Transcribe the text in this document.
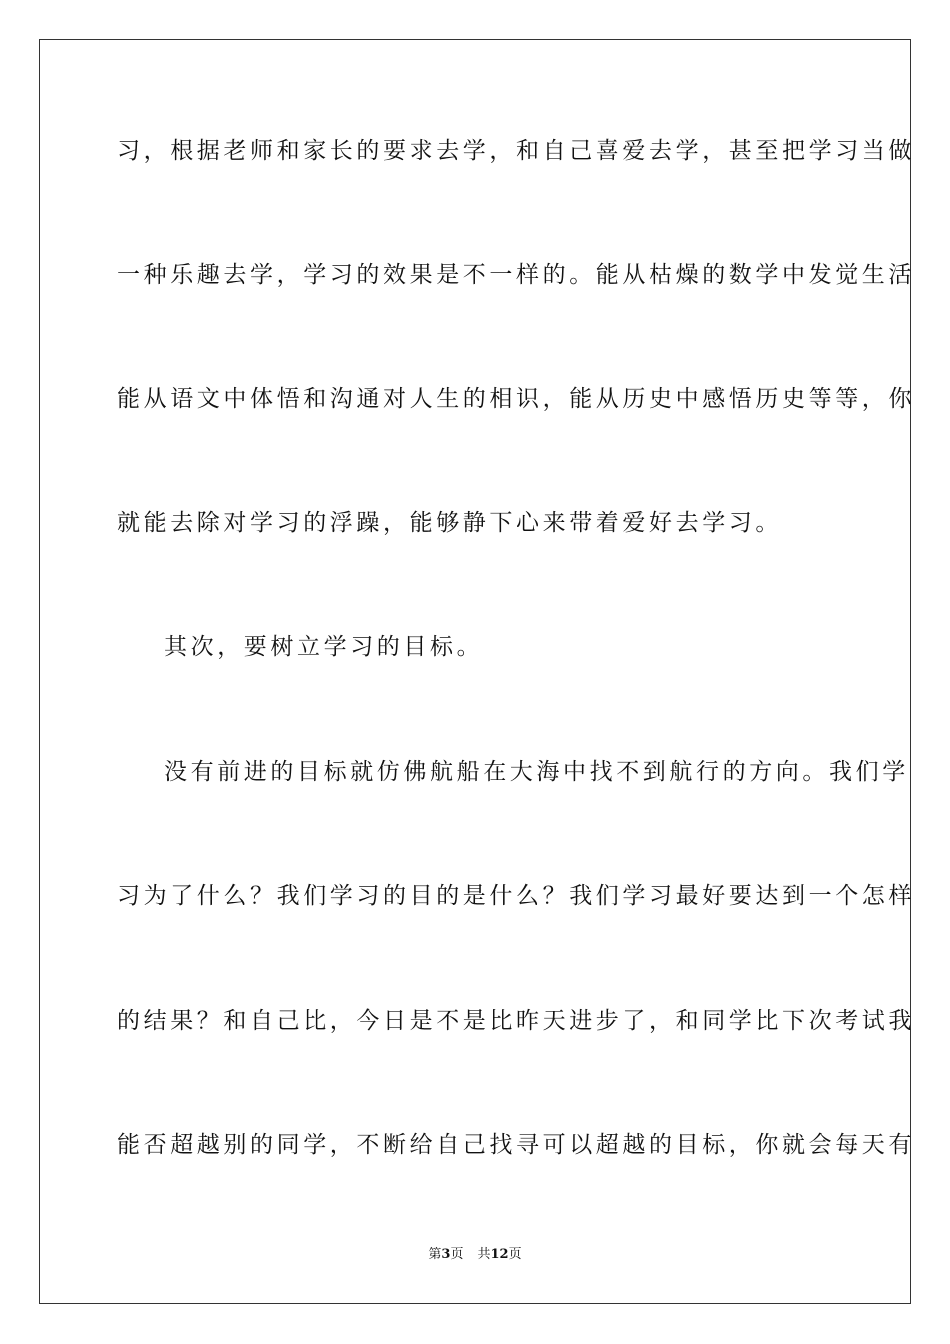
习，根据老师和家长的要求去学，和自己喜爱去学，甚至把学习当做
一种乐趣去学，学习的效果是不一样的。能从枯燥的数学中发觉生活
能从语文中体悟和沟通对人生的相识，能从历史中感悟历史等等，你
就能去除对学习的浮躁，能够静下心来带着爱好去学习。
其次，要树立学习的目标。
没有前进的目标就仿佛航船在大海中找不到航行的方向。我们学
习为了什么？我们学习的目的是什么？我们学习最好要达到一个怎样
的结果？和自己比，今日是不是比昨天进步了，和同学比下次考试我
能否超越别的同学，不断给自己找寻可以超越的目标，你就会每天有
第3页 共12页
